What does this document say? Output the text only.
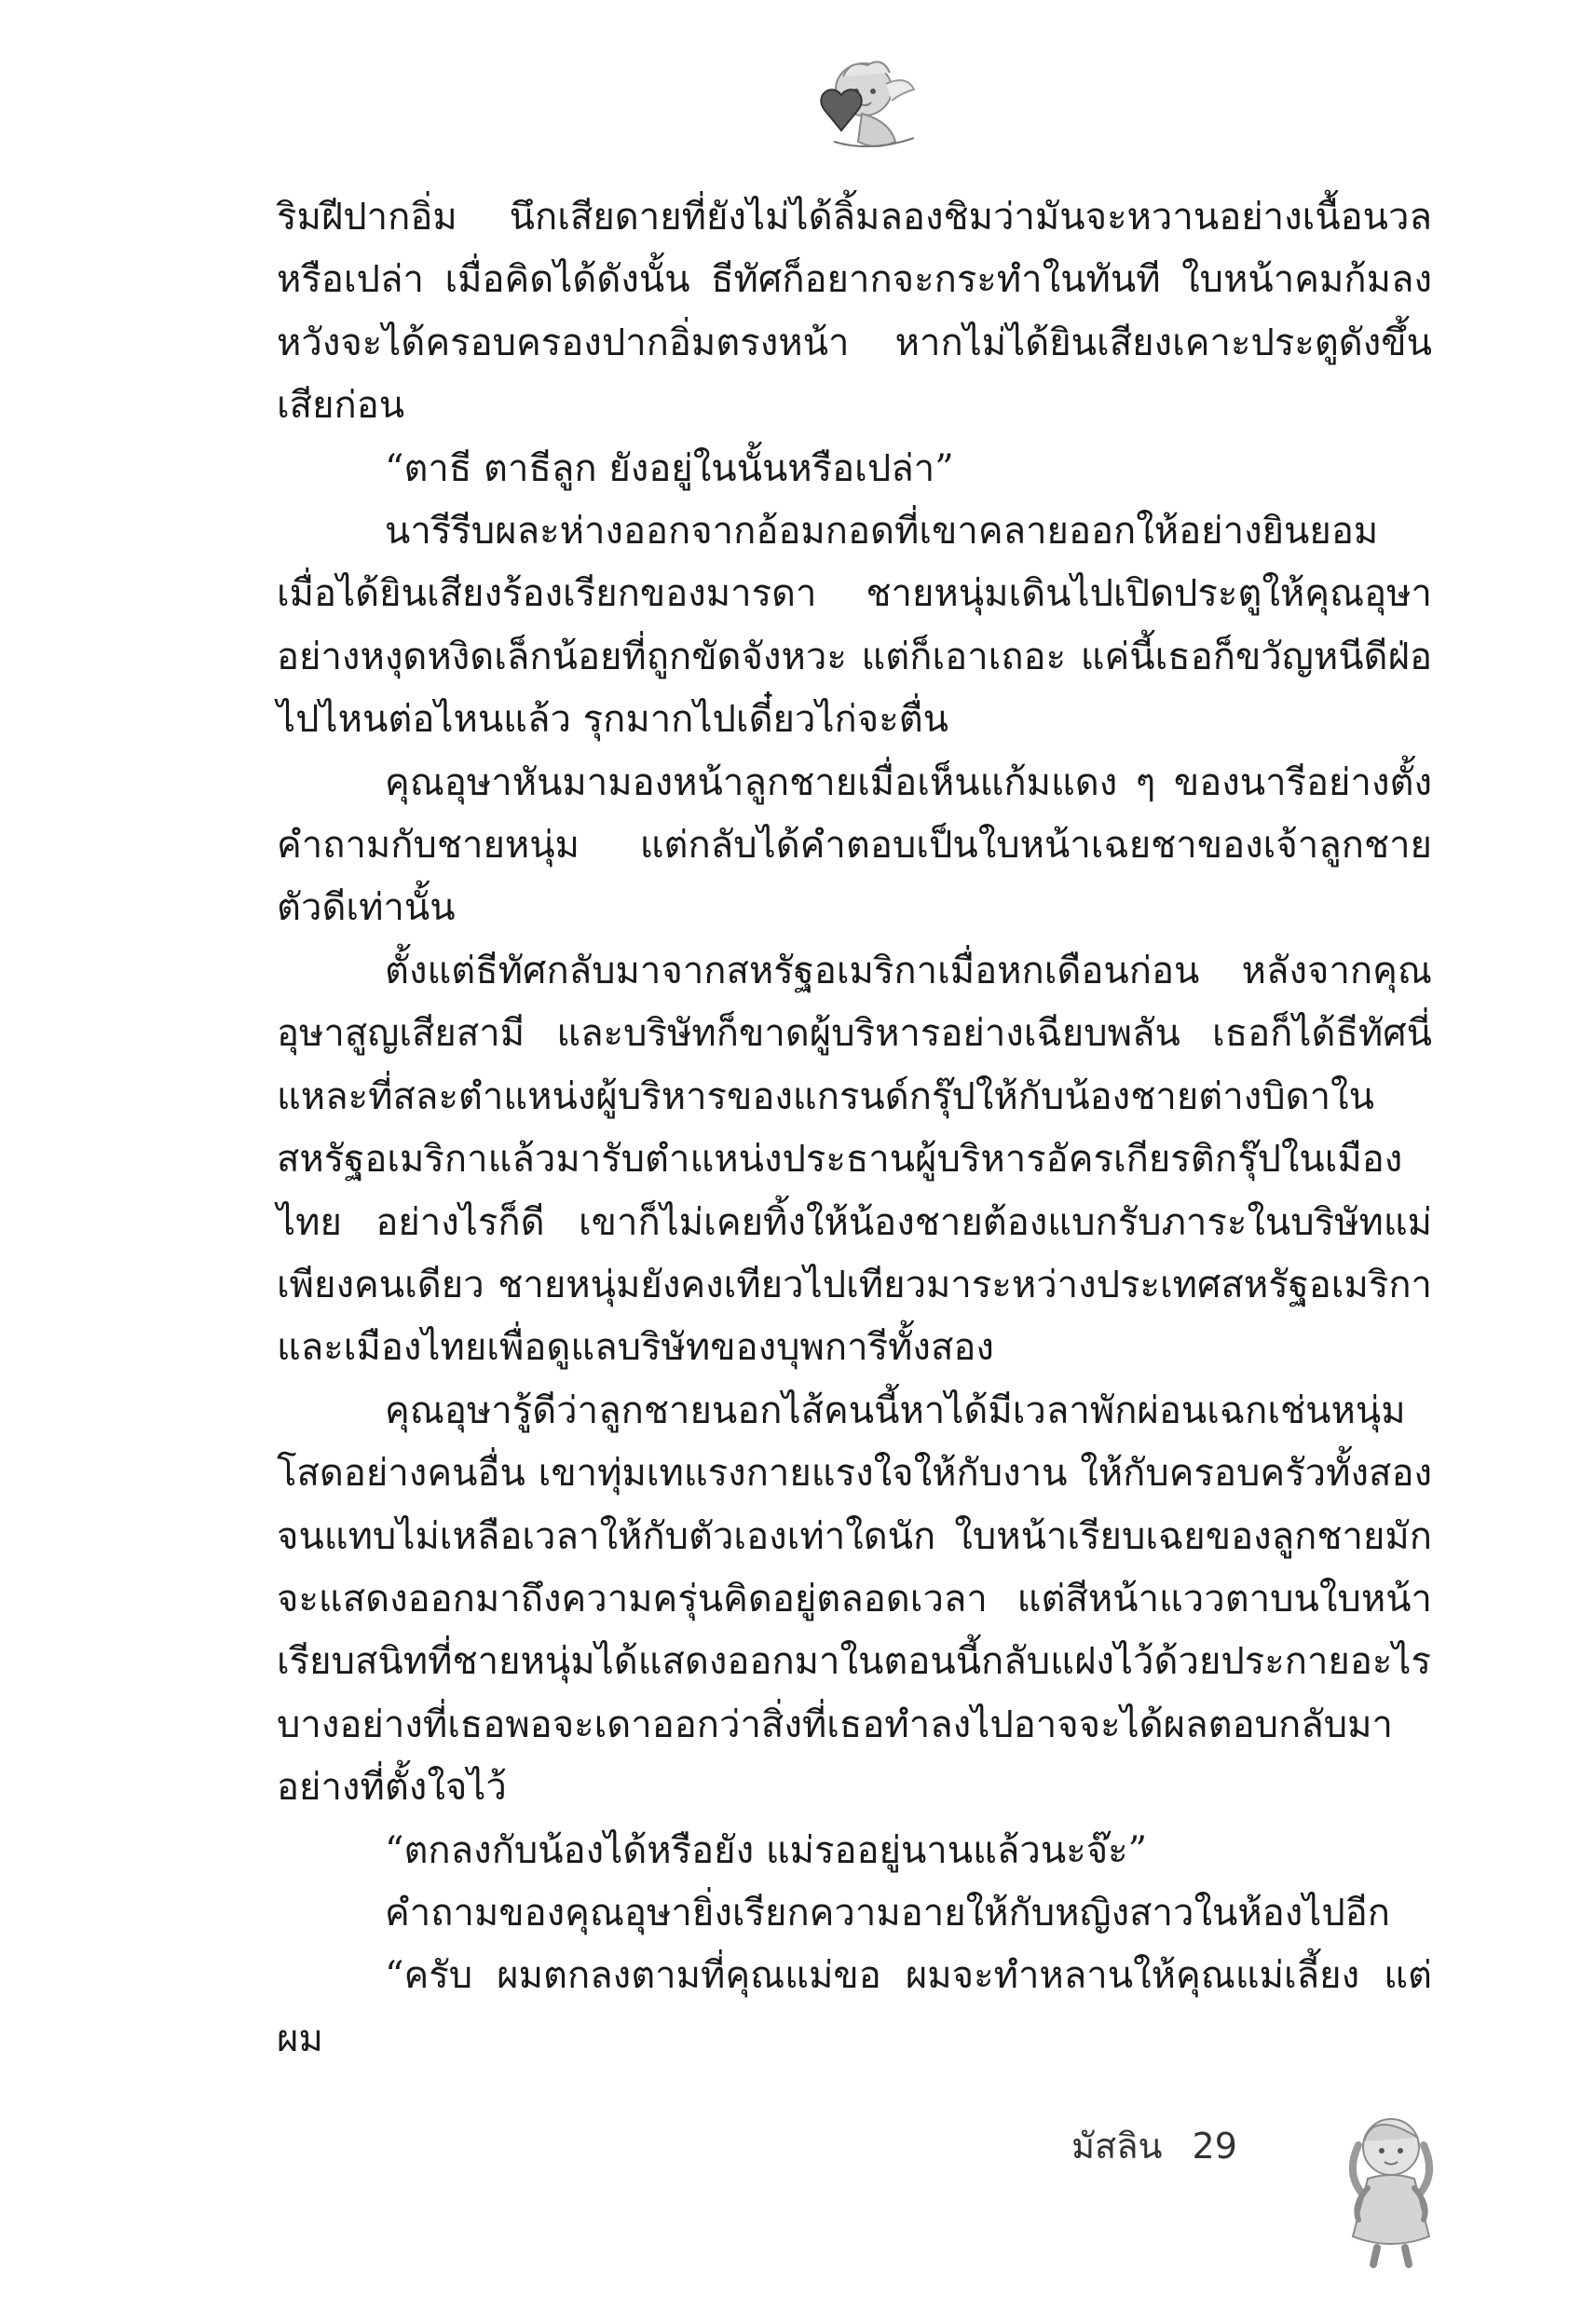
ริมฝีปากอิ่ม นึกเสียดายที่ยังไม่ได้ลิ้มลองชิมว่ามันจะหวานอย่างเนื้อนวลหรือเปล่า เมื่อคิดได้ดังนั้น ธีทัศก็อยากจะกระทำในทันที ใบหน้าคมก้มลงหวังจะได้ครอบครองปากอิ่มตรงหน้า หากไม่ได้ยินเสียงเคาะประตูดังขึ้นเสียก่อน

“ตาธี ตาธีลูก ยังอยู่ในนั้นหรือเปล่า”

นารีรีบผละห่างออกจากอ้อมกอดที่เขาคลายออกให้อย่างยินยอมเมื่อได้ยินเสียงร้องเรียกของมารดา ชายหนุ่มเดินไปเปิดประตูให้คุณอุษาอย่างหงุดหงิดเล็กน้อยที่ถูกขัดจังหวะ แต่ก็เอาเถอะ แค่นี้เธอก็ขวัญหนีดีฝ่อไปไหนต่อไหนแล้ว รุกมากไปเดี๋ยวไก่จะตื่น

คุณอุษาหันมามองหน้าลูกชายเมื่อเห็นแก้มแดง ๆ ของนารีอย่างตั้งคำถามกับชายหนุ่ม แต่กลับได้คำตอบเป็นใบหน้าเฉยชาของเจ้าลูกชายตัวดีเท่านั้น

ตั้งแต่ธีทัศกลับมาจากสหรัฐอเมริกาเมื่อหกเดือนก่อน หลังจากคุณอุษาสูญเสียสามี และบริษัทก็ขาดผู้บริหารอย่างเฉียบพลัน เธอก็ได้ธีทัศนี่แหละที่สละตำแหน่งผู้บริหารของแกรนด์กรุ๊ปให้กับน้องชายต่างบิดาในสหรัฐอเมริกาแล้วมารับตำแหน่งประธานผู้บริหารอัครเกียรติกรุ๊ปในเมืองไทย อย่างไรก็ดี เขาก็ไม่เคยทิ้งให้น้องชายต้องแบกรับภาระในบริษัทแม่เพียงคนเดียว ชายหนุ่มยังคงเทียวไปเทียวมาระหว่างประเทศสหรัฐอเมริกาและเมืองไทยเพื่อดูแลบริษัทของบุพการีทั้งสอง

คุณอุษารู้ดีว่าลูกชายนอกไส้คนนี้หาได้มีเวลาพักผ่อนเฉกเช่นหนุ่มโสดอย่างคนอื่น เขาทุ่มเทแรงกายแรงใจให้กับงาน ให้กับครอบครัวทั้งสองจนแทบไม่เหลือเวลาให้กับตัวเองเท่าใดนัก ใบหน้าเรียบเฉยของลูกชายมักจะแสดงออกมาถึงความครุ่นคิดอยู่ตลอดเวลา แต่สีหน้าแววตาบนใบหน้าเรียบสนิทที่ชายหนุ่มได้แสดงออกมาในตอนนี้กลับแฝงไว้ด้วยประกายอะไรบางอย่างที่เธอพอจะเดาออกว่าสิ่งที่เธอทำลงไปอาจจะได้ผลตอบกลับมาอย่างที่ตั้งใจไว้

“ตกลงกับน้องได้หรือยัง แม่รออยู่นานแล้วนะจ๊ะ”

คำถามของคุณอุษายิ่งเรียกความอายให้กับหญิงสาวในห้องไปอีก

“ครับ ผมตกลงตามที่คุณแม่ขอ ผมจะทำหลานให้คุณแม่เลี้ยง แต่ผม

มัสลิน 29
